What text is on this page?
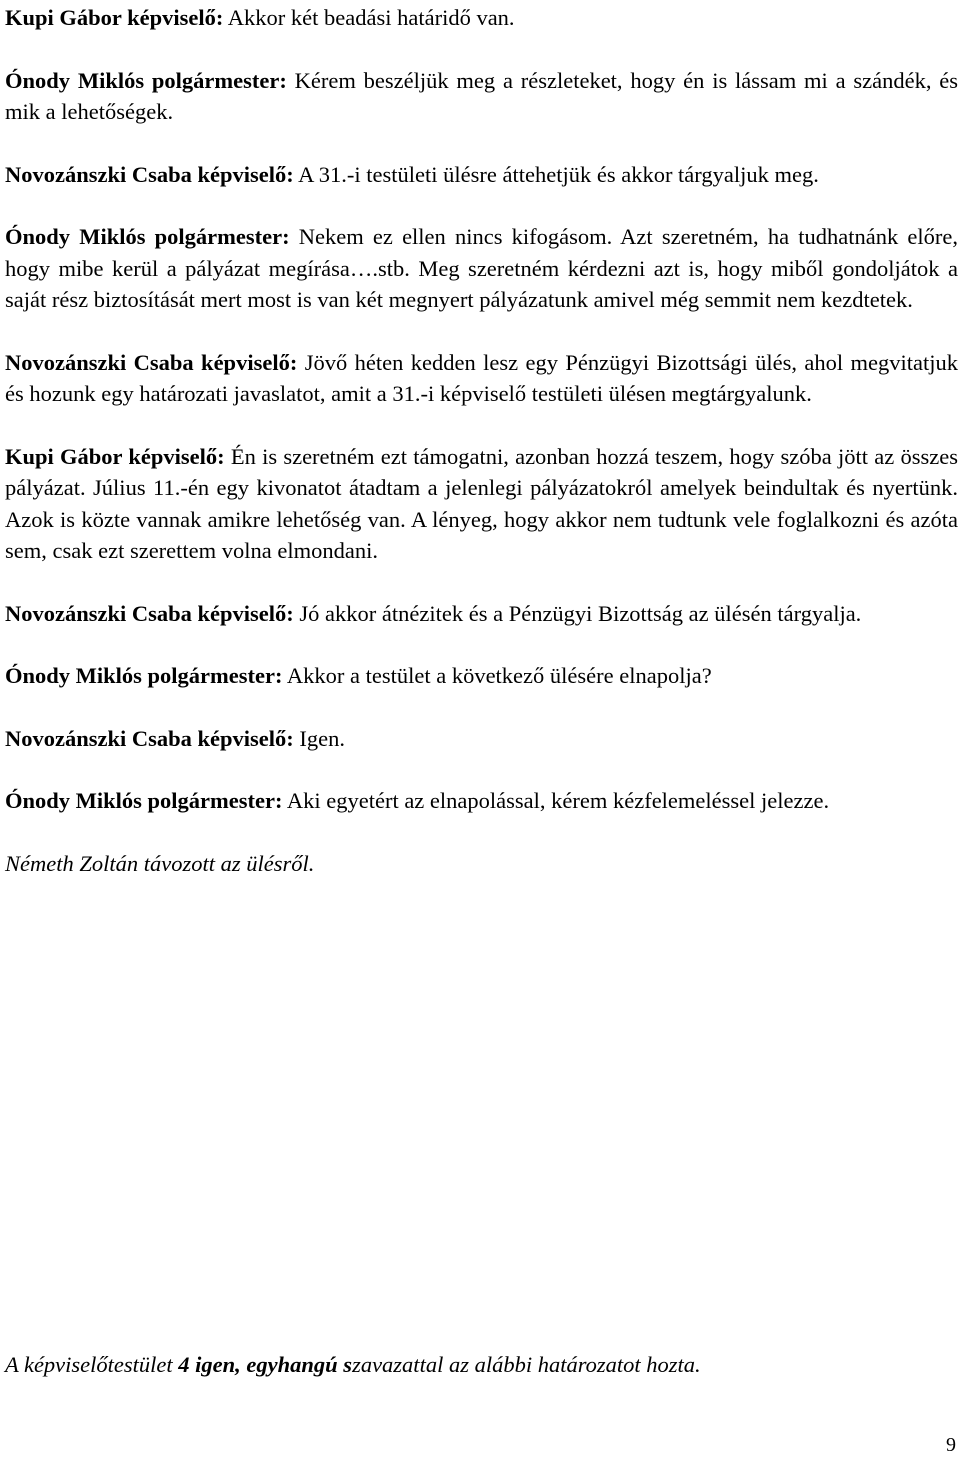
Kupi Gábor képviselő: Akkor két beadási határidő van.

Ónody Miklós polgármester: Kérem beszéljük meg a részleteket, hogy én is lássam mi a szándék, és mik a lehetőségek.

Novozánszki Csaba képviselő: A 31.-i testületi ülésre áttehetjük és akkor tárgyaljuk meg.

Ónody Miklós polgármester: Nekem ez ellen nincs kifogásom. Azt szeretném, ha tudhatnánk előre, hogy mibe kerül a pályázat megírása….stb. Meg szeretném kérdezni azt is, hogy miből gondoljátok a saját rész biztosítását mert most is van két megnyert pályázatunk amivel még semmit nem kezdtetek.

Novozánszki Csaba képviselő: Jövő héten kedden lesz egy Pénzügyi Bizottsági ülés, ahol megvitatjuk és hozunk egy határozati javaslatot, amit a 31.-i képviselő testületi ülésen megtárgyalunk.

Kupi Gábor képviselő: Én is szeretném ezt támogatni, azonban hozzá teszem, hogy szóba jött az összes pályázat. Július 11.-én egy kivonatot átadtam a jelenlegi pályázatokról amelyek beindultak és nyertünk. Azok is közte vannak amikre lehetőség van. A lényeg, hogy akkor nem tudtunk vele foglalkozni és azóta sem, csak ezt szerettem volna elmondani.

Novozánszki Csaba képviselő: Jó akkor átnézitek és a Pénzügyi Bizottság az ülésén tárgyalja.

Ónody Miklós polgármester: Akkor a testület a következő ülésére elnapolja?

Novozánszki Csaba képviselő: Igen.

Ónody Miklós polgármester: Aki egyetért az elnapolással, kérem kézfelemeléssel jelezze.

Németh Zoltán távozott az ülésről.

A képviselőtestület 4 igen, egyhangú szavazattal az alábbi határozatot hozta.

9
